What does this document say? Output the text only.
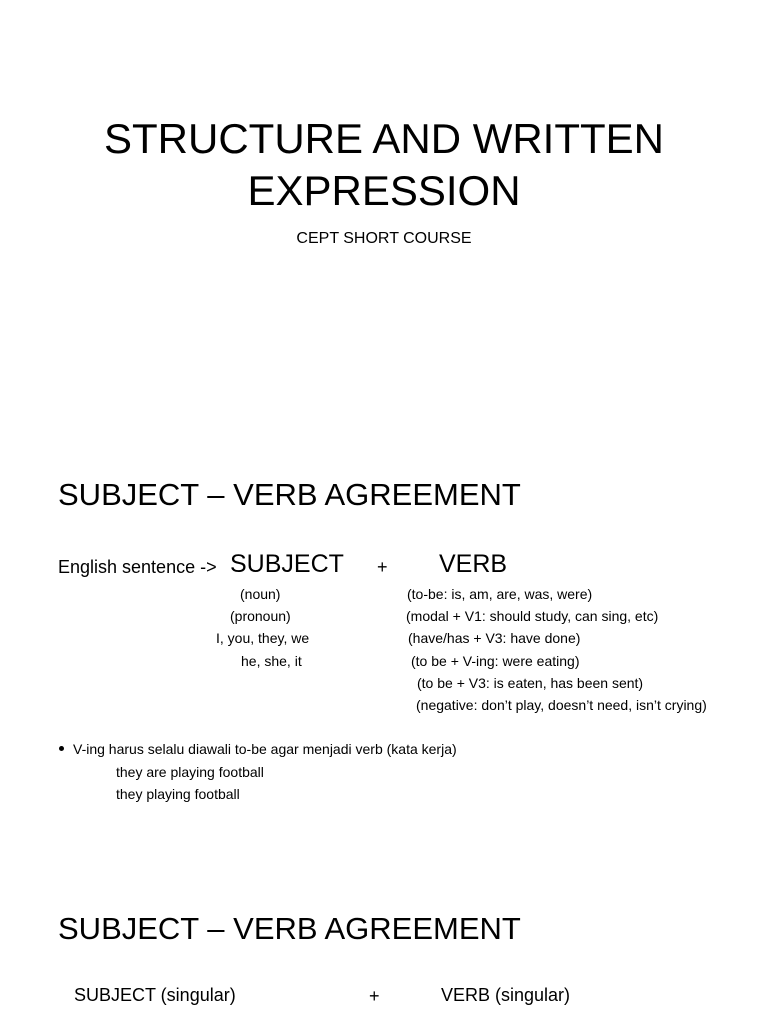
STRUCTURE AND WRITTEN
EXPRESSION
CEPT SHORT COURSE
SUBJECT – VERB AGREEMENT
English sentence -> SUBJECT + VERB
(noun)
(pronoun)
I, you, they, we
he, she, it
(to-be: is, am, are, was, were)
(modal + V1: should study, can sing, etc)
(have/has + V3: have done)
(to be + V-ing: were eating)
(to be + V3: is eaten, has been sent)
(negative: don’t play, doesn’t need, isn’t crying)
V-ing harus selalu diawali to-be agar menjadi verb (kata kerja)
they are playing football
they playing football
SUBJECT – VERB AGREEMENT
SUBJECT (singular)	+	VERB (singular)
